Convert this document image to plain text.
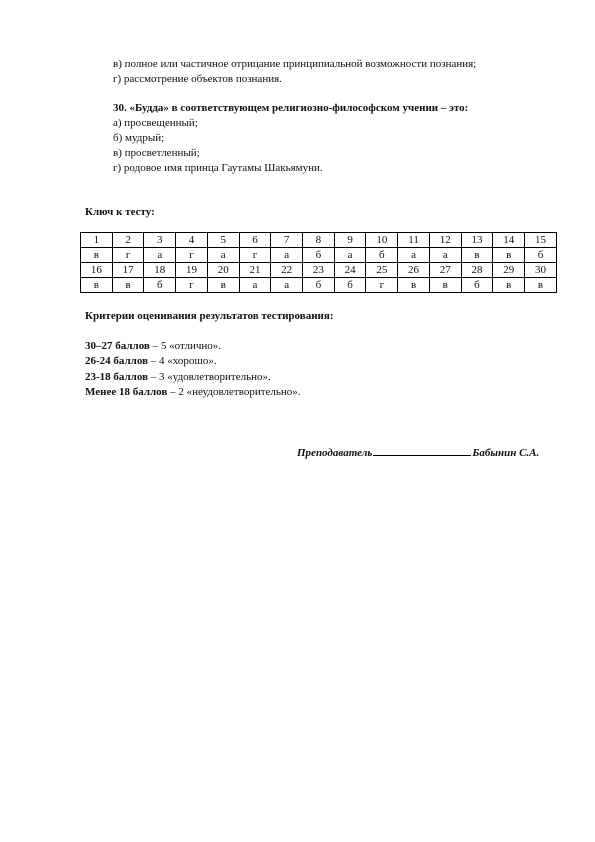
в) полное или частичное отрицание принципиальной возможности познания;
г) рассмотрение объектов познания.
30. «Будда» в соответствующем религиозно-философском учении – это:
а) просвещенный;
б) мудрый;
в) просветленный;
г) родовое имя принца Гаутамы Шакьямуни.
Ключ к тесту:
1	2	3	4	5	6	7	8	9	10	11	12	13	14	15
в	г	а	г	а	г	а	б	а	б	а	а	в	в	б
16	17	18	19	20	21	22	23	24	25	26	27	28	29	30
в	в	б	г	в	а	а	б	б	г	в	в	б	в	в
Критерии оценивания результатов тестирования:
30–27 баллов – 5 «отлично».
26-24 баллов – 4 «хорошо».
23-18 баллов – 3 «удовлетворительно».
Менее 18 баллов – 2 «неудовлетворительно».
Преподаватель	Бабынин С.А.
